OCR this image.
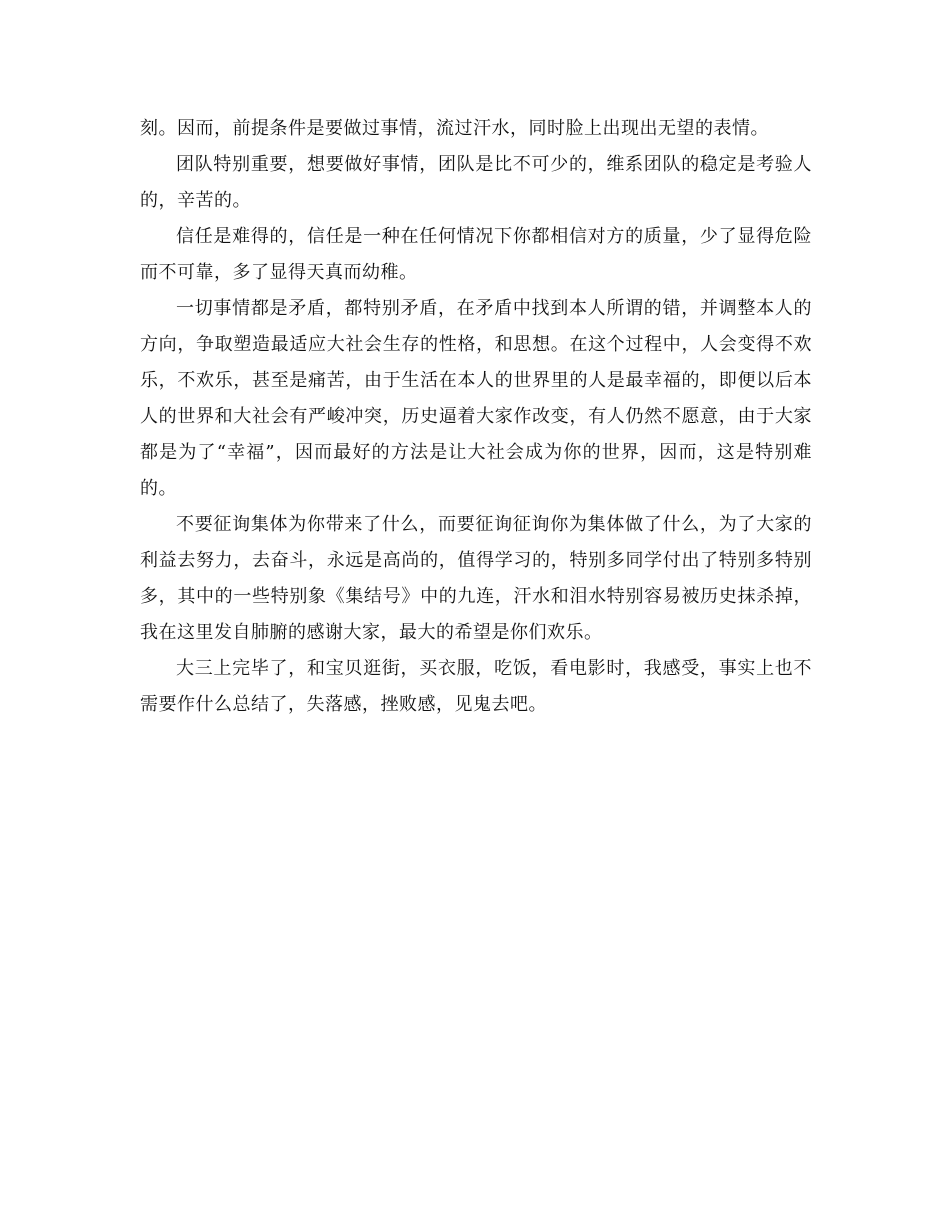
刻。因而，前提条件是要做过事情，流过汗水，同时脸上出现出无望的表情。

团队特别重要，想要做好事情，团队是比不可少的，维系团队的稳定是考验人的，辛苦的。

信任是难得的，信任是一种在任何情况下你都相信对方的质量，少了显得危险而不可靠，多了显得天真而幼稚。

一切事情都是矛盾，都特别矛盾，在矛盾中找到本人所谓的错，并调整本人的方向，争取塑造最适应大社会生存的性格，和思想。在这个过程中，人会变得不欢乐，不欢乐，甚至是痛苦，由于生活在本人的世界里的人是最幸福的，即便以后本人的世界和大社会有严峻冲突，历史逼着大家作改变，有人仍然不愿意，由于大家都是为了“幸福”，因而最好的方法是让大社会成为你的世界，因而，这是特别难的。

不要征询集体为你带来了什么，而要征询征询你为集体做了什么，为了大家的利益去努力，去奋斗，永远是高尚的，值得学习的，特别多同学付出了特别多特别多，其中的一些特别象《集结号》中的九连，汗水和泪水特别容易被历史抹杀掉，我在这里发自肺腑的感谢大家，最大的希望是你们欢乐。

大三上完毕了，和宝贝逛街，买衣服，吃饭，看电影时，我感受，事实上也不需要作什么总结了，失落感，挫败感，见鬼去吧。
